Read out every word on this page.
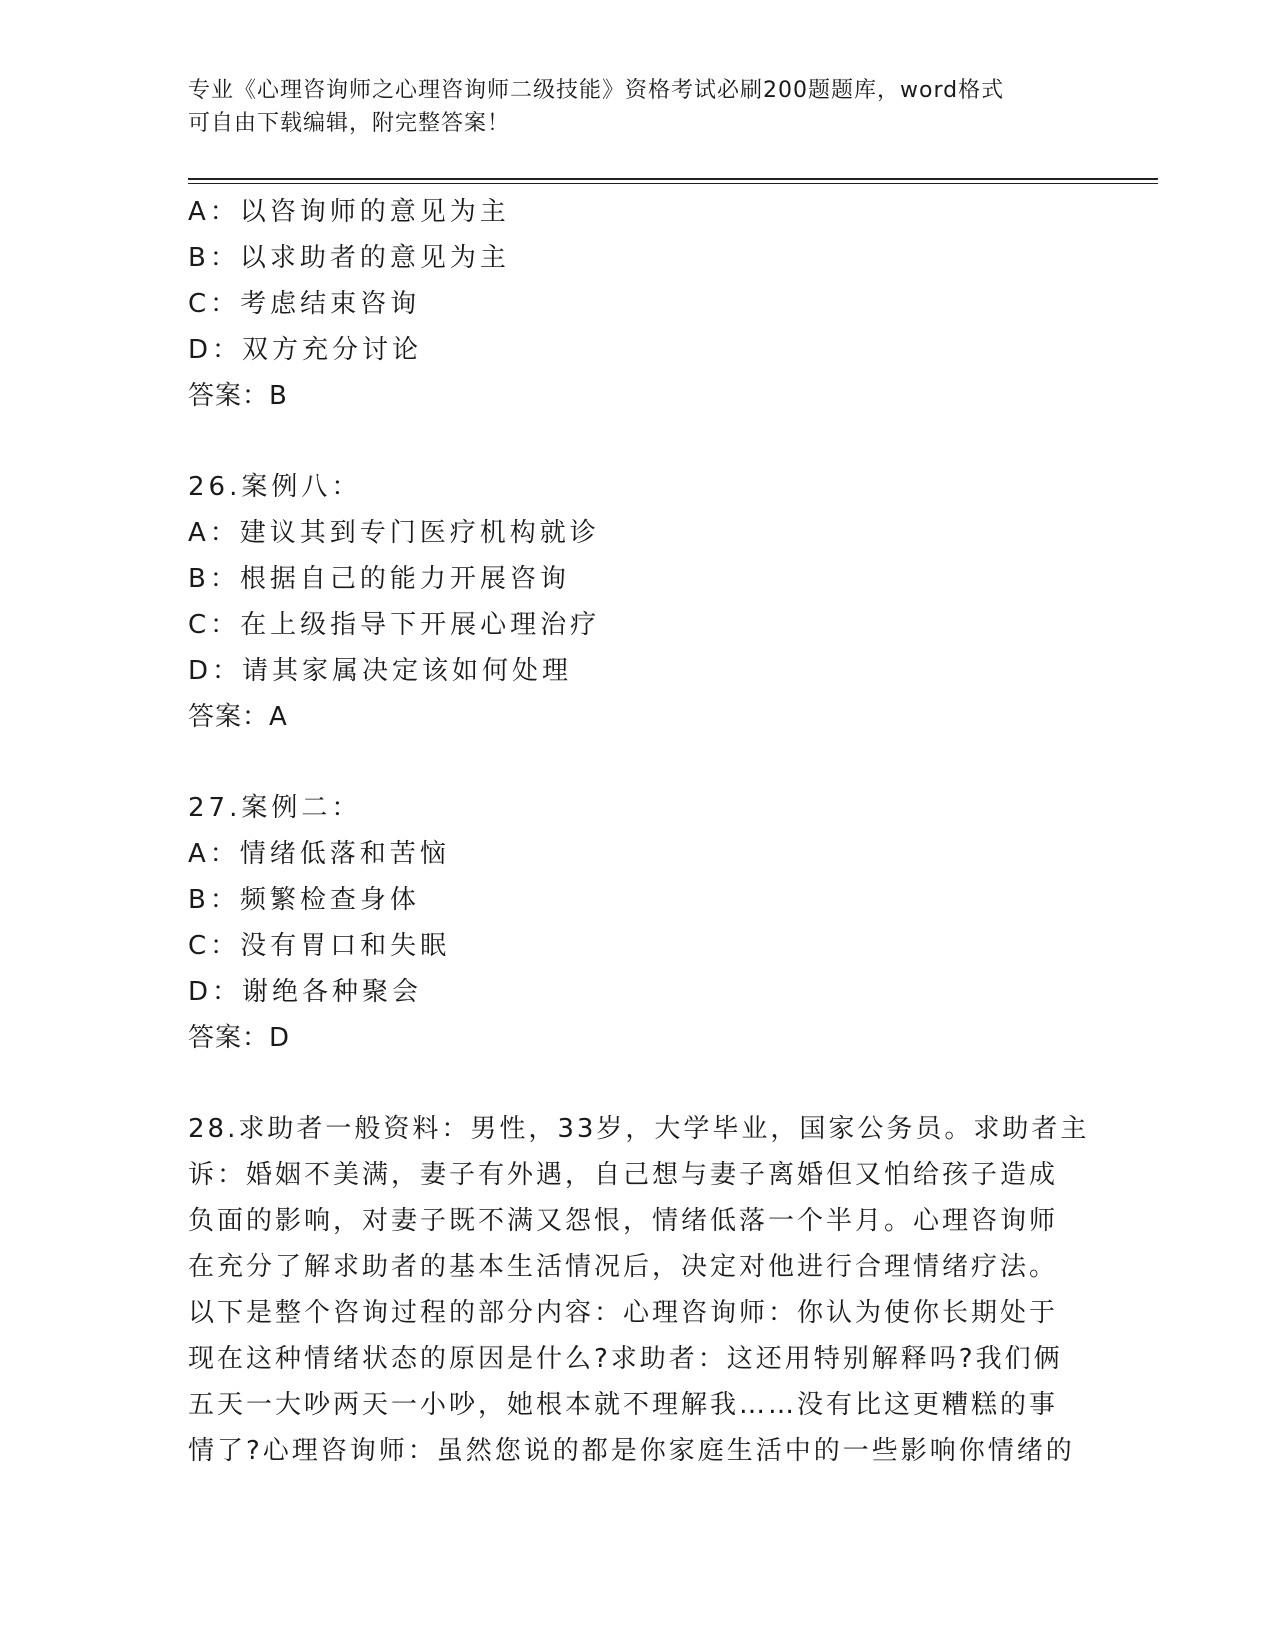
专业《心理咨询师之心理咨询师二级技能》资格考试必刷200题题库，word格式
可自由下载编辑，附完整答案！
A：以咨询师的意见为主
B：以求助者的意见为主
C：考虑结束咨询
D：双方充分讨论
答案：B
26.案例八：
A：建议其到专门医疗机构就诊
B：根据自己的能力开展咨询
C：在上级指导下开展心理治疗
D：请其家属决定该如何处理
答案：A
27.案例二：
A：情绪低落和苦恼
B：频繁检查身体
C：没有胃口和失眠
D：谢绝各种聚会
答案：D
28.求助者一般资料：男性，33岁，大学毕业，国家公务员。求助者主
诉：婚姻不美满，妻子有外遇，自己想与妻子离婚但又怕给孩子造成
负面的影响，对妻子既不满又怨恨，情绪低落一个半月。心理咨询师
在充分了解求助者的基本生活情况后，决定对他进行合理情绪疗法。
以下是整个咨询过程的部分内容：心理咨询师：你认为使你长期处于
现在这种情绪状态的原因是什么?求助者：这还用特别解释吗?我们俩
五天一大吵两天一小吵，她根本就不理解我……没有比这更糟糕的事
情了?心理咨询师：虽然您说的都是你家庭生活中的一些影响你情绪的
